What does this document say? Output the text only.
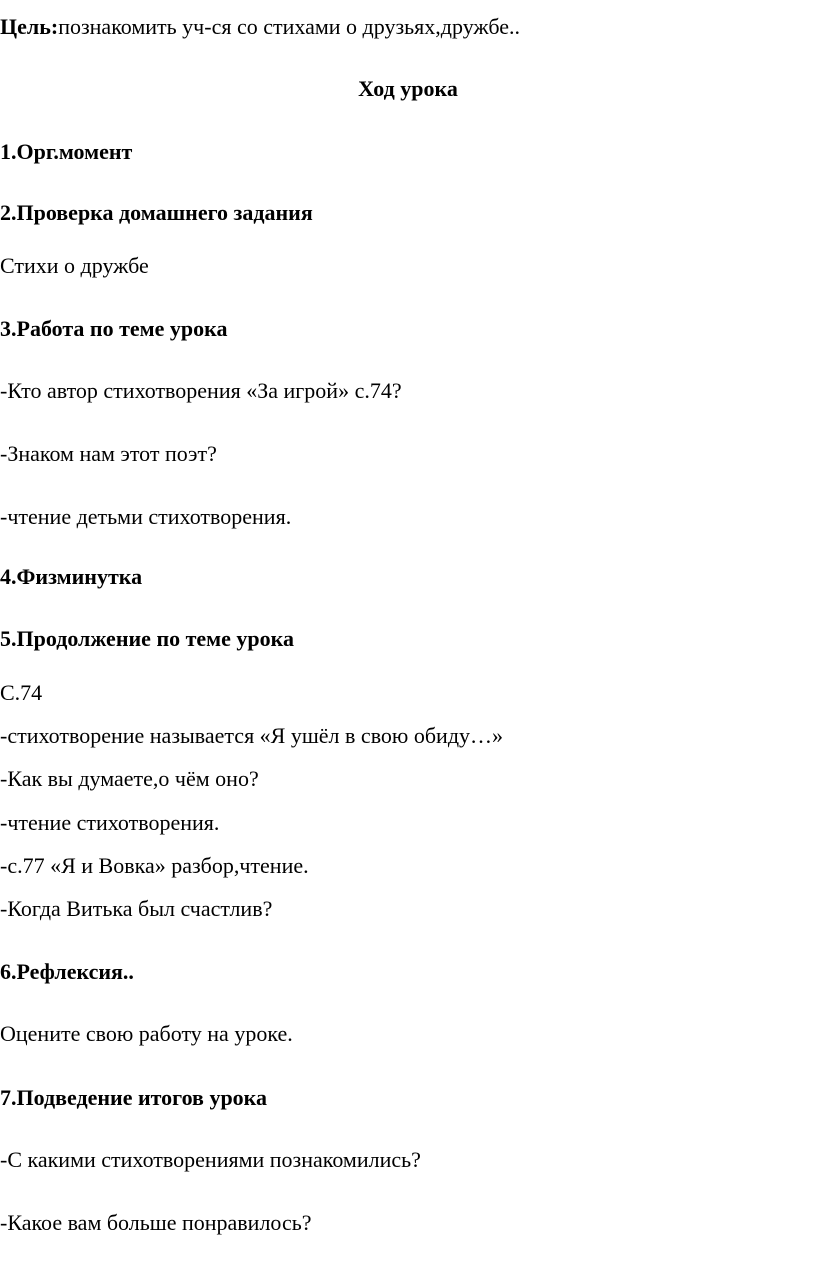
Цель:познакомить уч-ся со стихами о друзьях,дружбе..
Ход урока
1.Орг.момент
2.Проверка домашнего задания
Стихи о дружбе
3.Работа по теме урока
-Кто автор стихотворения «За игрой» с.74?
-Знаком нам этот поэт?
-чтение детьми стихотворения.
4.Физминутка
5.Продолжение по теме урока
С.74
-стихотворение называется «Я ушёл в свою обиду…»
-Как вы думаете,о чём оно?
-чтение стихотворения.
-с.77 «Я и Вовка» разбор,чтение.
-Когда Витька был счастлив?
6.Рефлексия..
Оцените свою работу на уроке.
7.Подведение итогов урока
-С какими стихотворениями познакомились?
-Какое вам больше понравилось?
